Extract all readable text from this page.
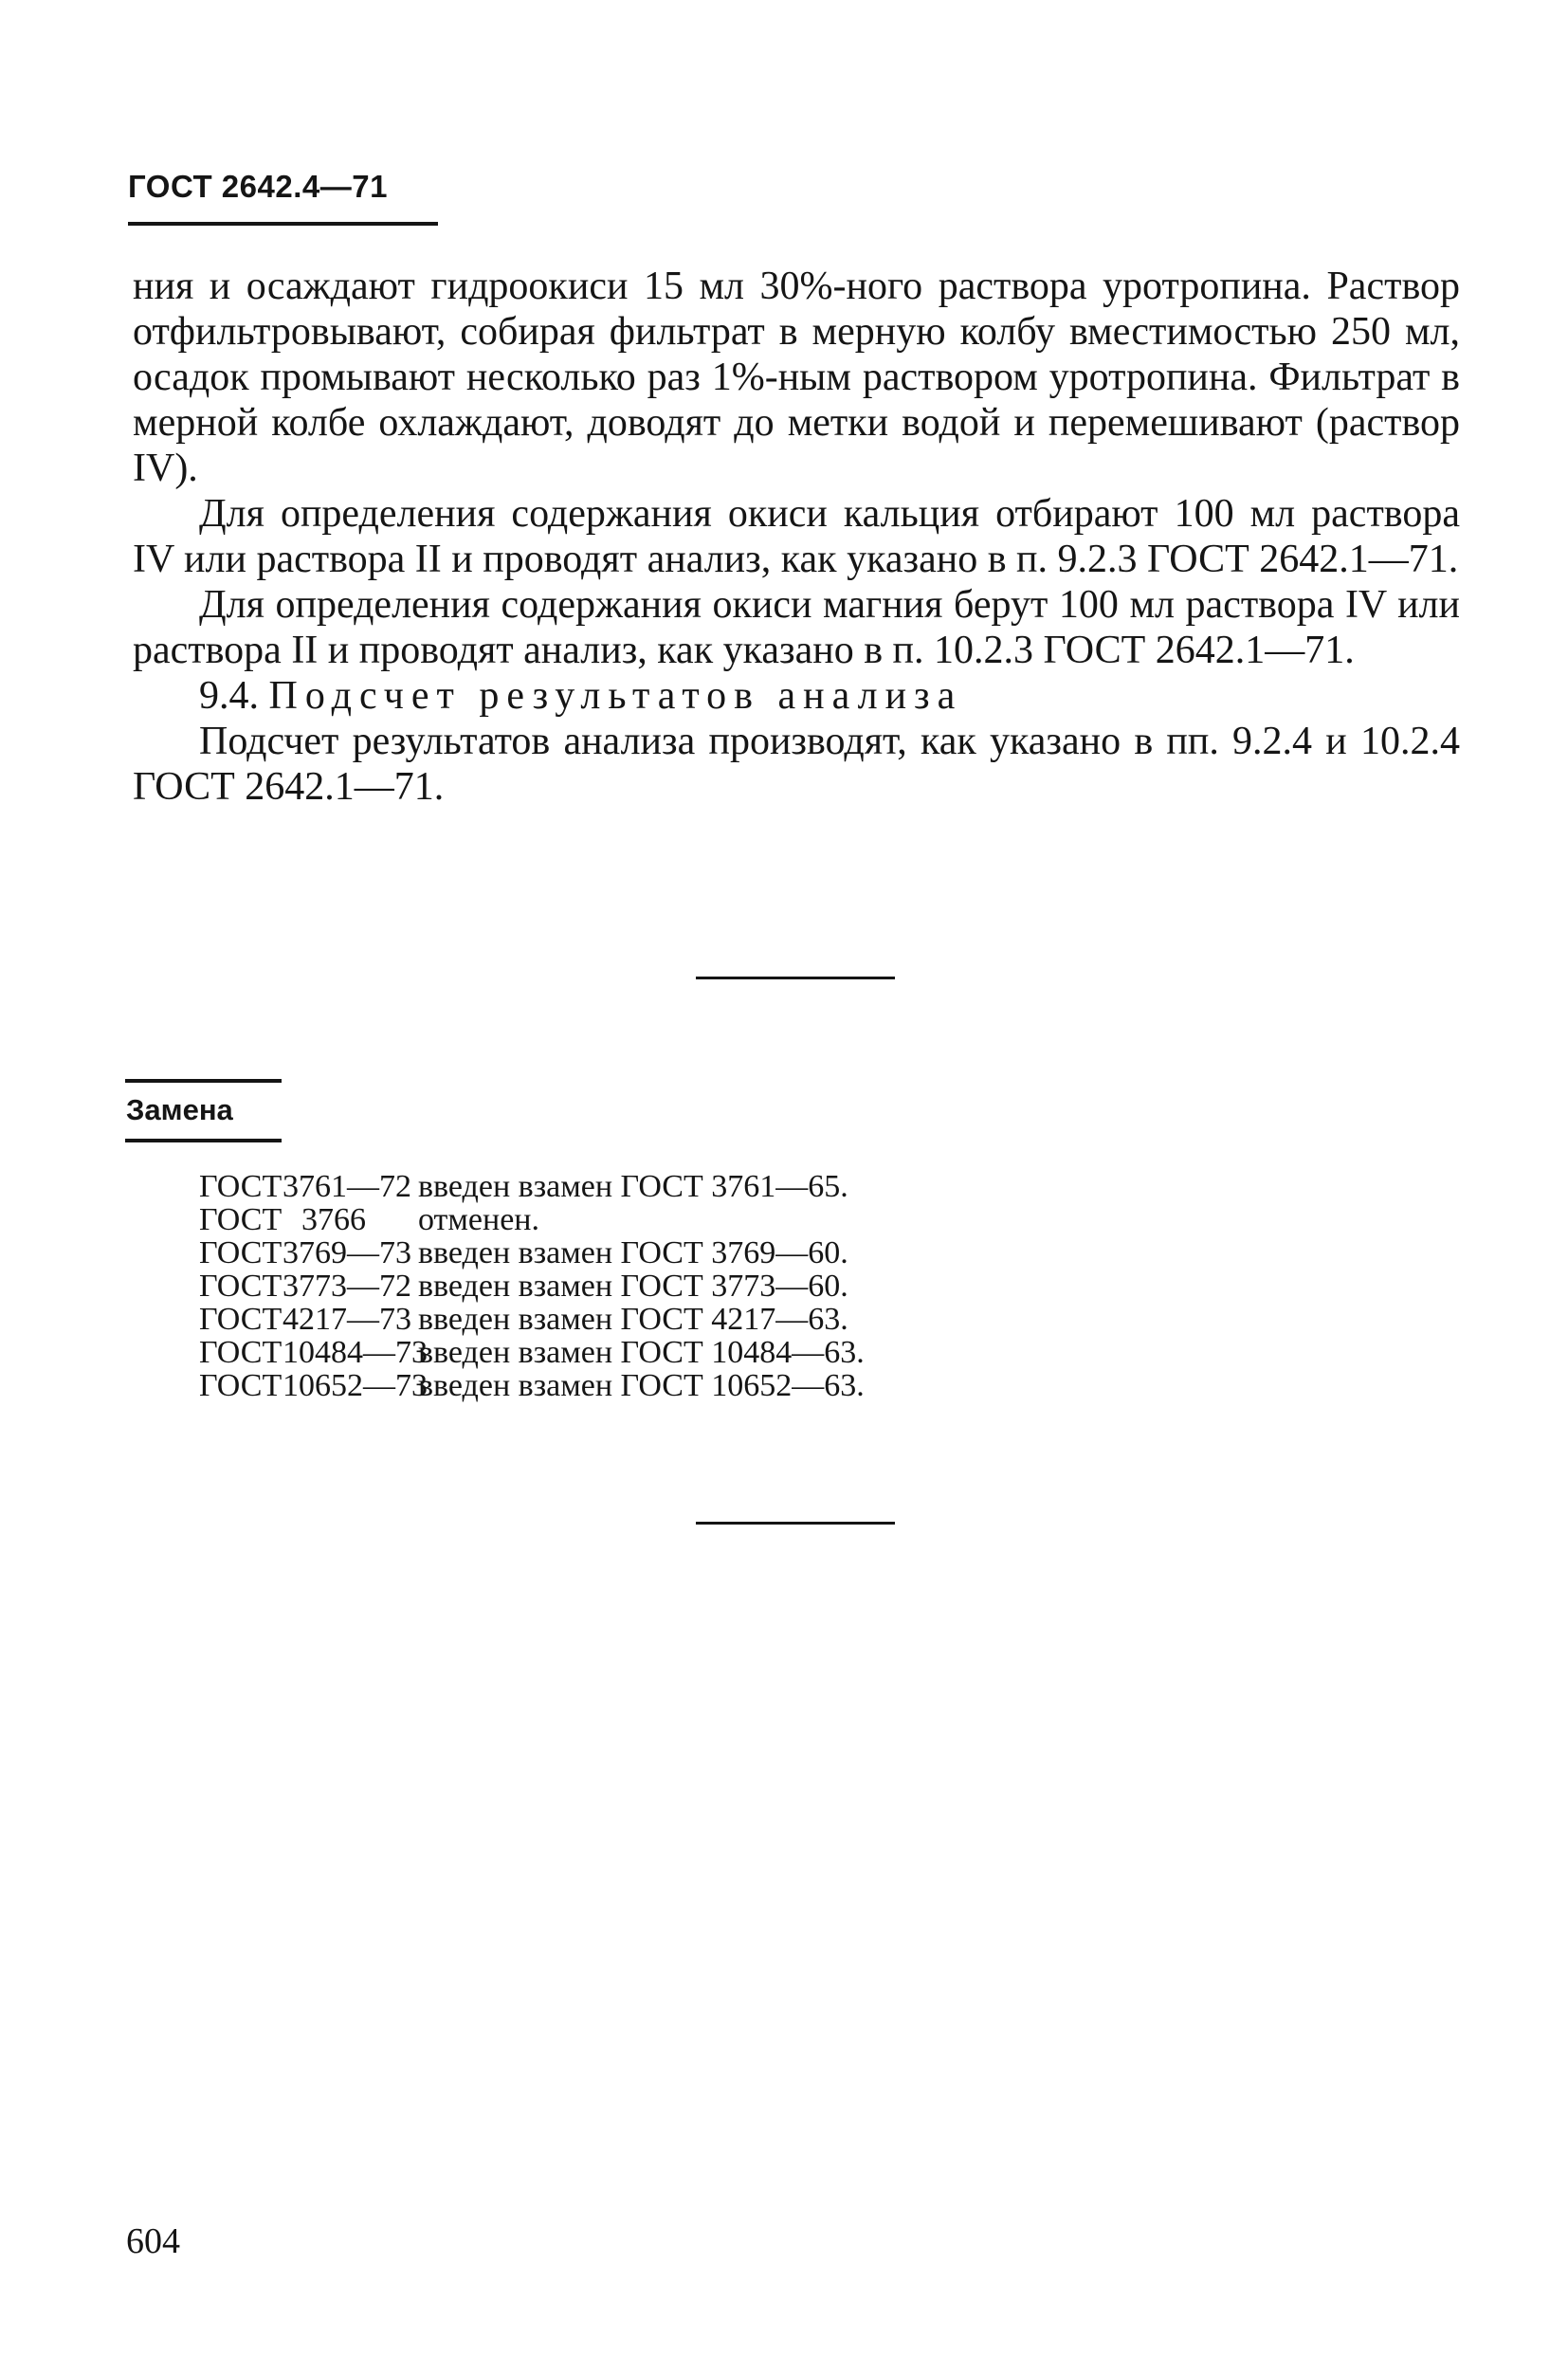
ГОСТ 2642.4—71

ния и осаждают гидроокиси 15 мл 30%-ного раствора уротропина. Раствор отфильтровывают, собирая фильтрат в мерную колбу вместимостью 250 мл, осадок промывают несколько раз 1%-ным раствором уротропина. Фильтрат в мерной колбе охлаждают, доводят до метки водой и перемешивают (раствор IV).

Для определения содержания окиси кальция отбирают 100 мл раствора IV или раствора II и проводят анализ, как указано в п. 9.2.3 ГОСТ 2642.1—71.

Для определения содержания окиси магния берут 100 мл раствора IV или раствора II и проводят анализ, как указано в п. 10.2.3 ГОСТ 2642.1—71.

9.4. Подсчет результатов анализа

Подсчет результатов анализа производят, как указано в пп. 9.2.4 и 10.2.4 ГОСТ 2642.1—71.

Замена
ГОСТ 3761—72 введен взамен ГОСТ 3761—65.
ГОСТ 3766	отменен.
ГОСТ 3769—73 введен взамен ГОСТ 3769—60.
ГОСТ 3773—72 введен взамен ГОСТ 3773—60.
ГОСТ 4217—73 введен взамен ГОСТ 4217—63.
ГОСТ 10484—73
введен взамен ГОСТ 10484—63.
ГОСТ 10652—73
введен взамен ГОСТ 10652—63.
604
